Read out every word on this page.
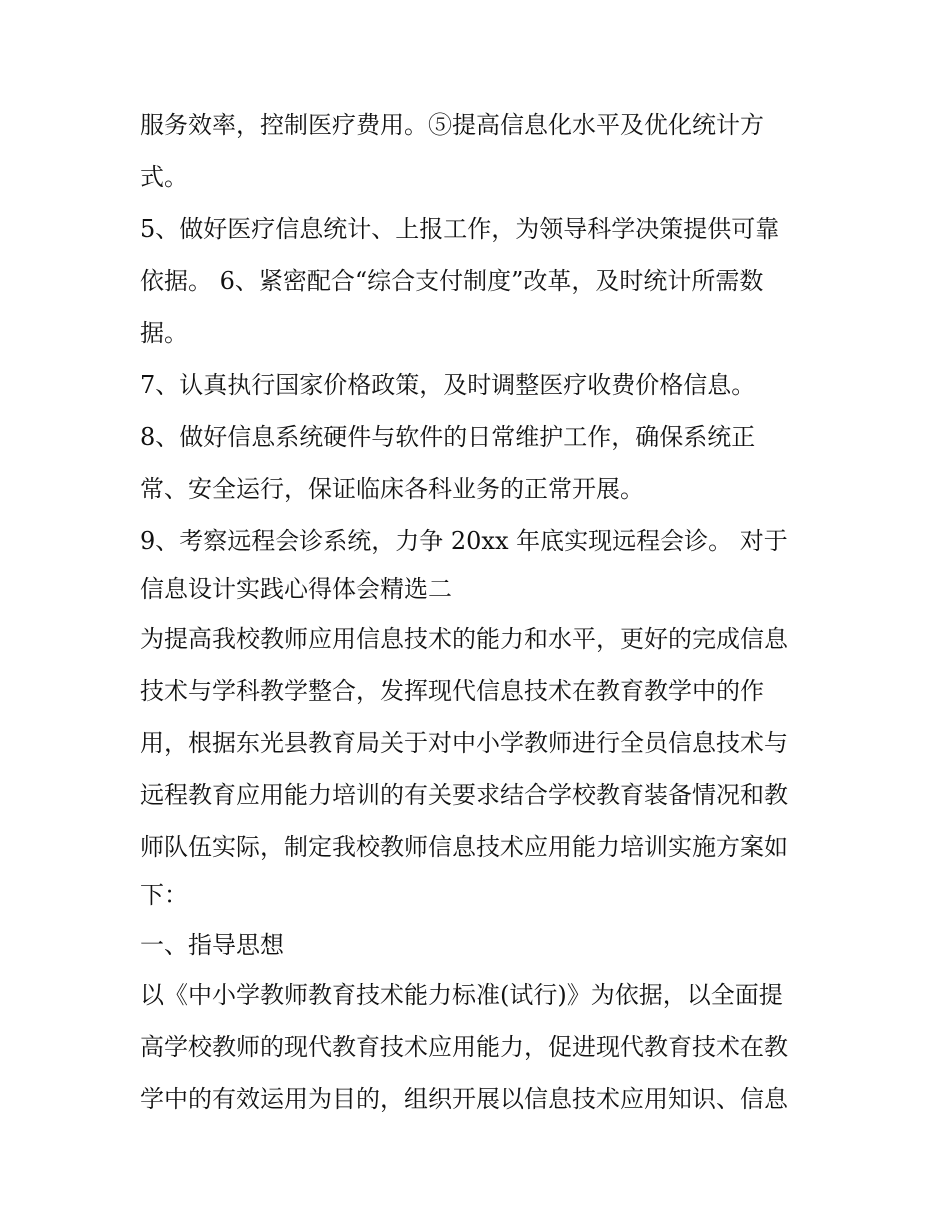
服务效率，控制医疗费用。⑤提高信息化水平及优化统计方

式。

5、做好医疗信息统计、上报工作，为领导科学决策提供可靠

依据。 6、紧密配合“综合支付制度”改革，及时统计所需数

据。

7、认真执行国家价格政策，及时调整医疗收费价格信息。

8、做好信息系统硬件与软件的日常维护工作，确保系统正

常、安全运行，保证临床各科业务的正常开展。

9、考察远程会诊系统，力争 20xx 年底实现远程会诊。 对于

信息设计实践心得体会精选二

为提高我校教师应用信息技术的能力和水平，更好的完成信息

技术与学科教学整合，发挥现代信息技术在教育教学中的作

用，根据东光县教育局关于对中小学教师进行全员信息技术与

远程教育应用能力培训的有关要求结合学校教育装备情况和教

师队伍实际，制定我校教师信息技术应用能力培训实施方案如

下：

一、指导思想

以《中小学教师教育技术能力标准(试行)》为依据，以全面提

高学校教师的现代教育技术应用能力，促进现代教育技术在教

学中的有效运用为目的，组织开展以信息技术应用知识、信息
